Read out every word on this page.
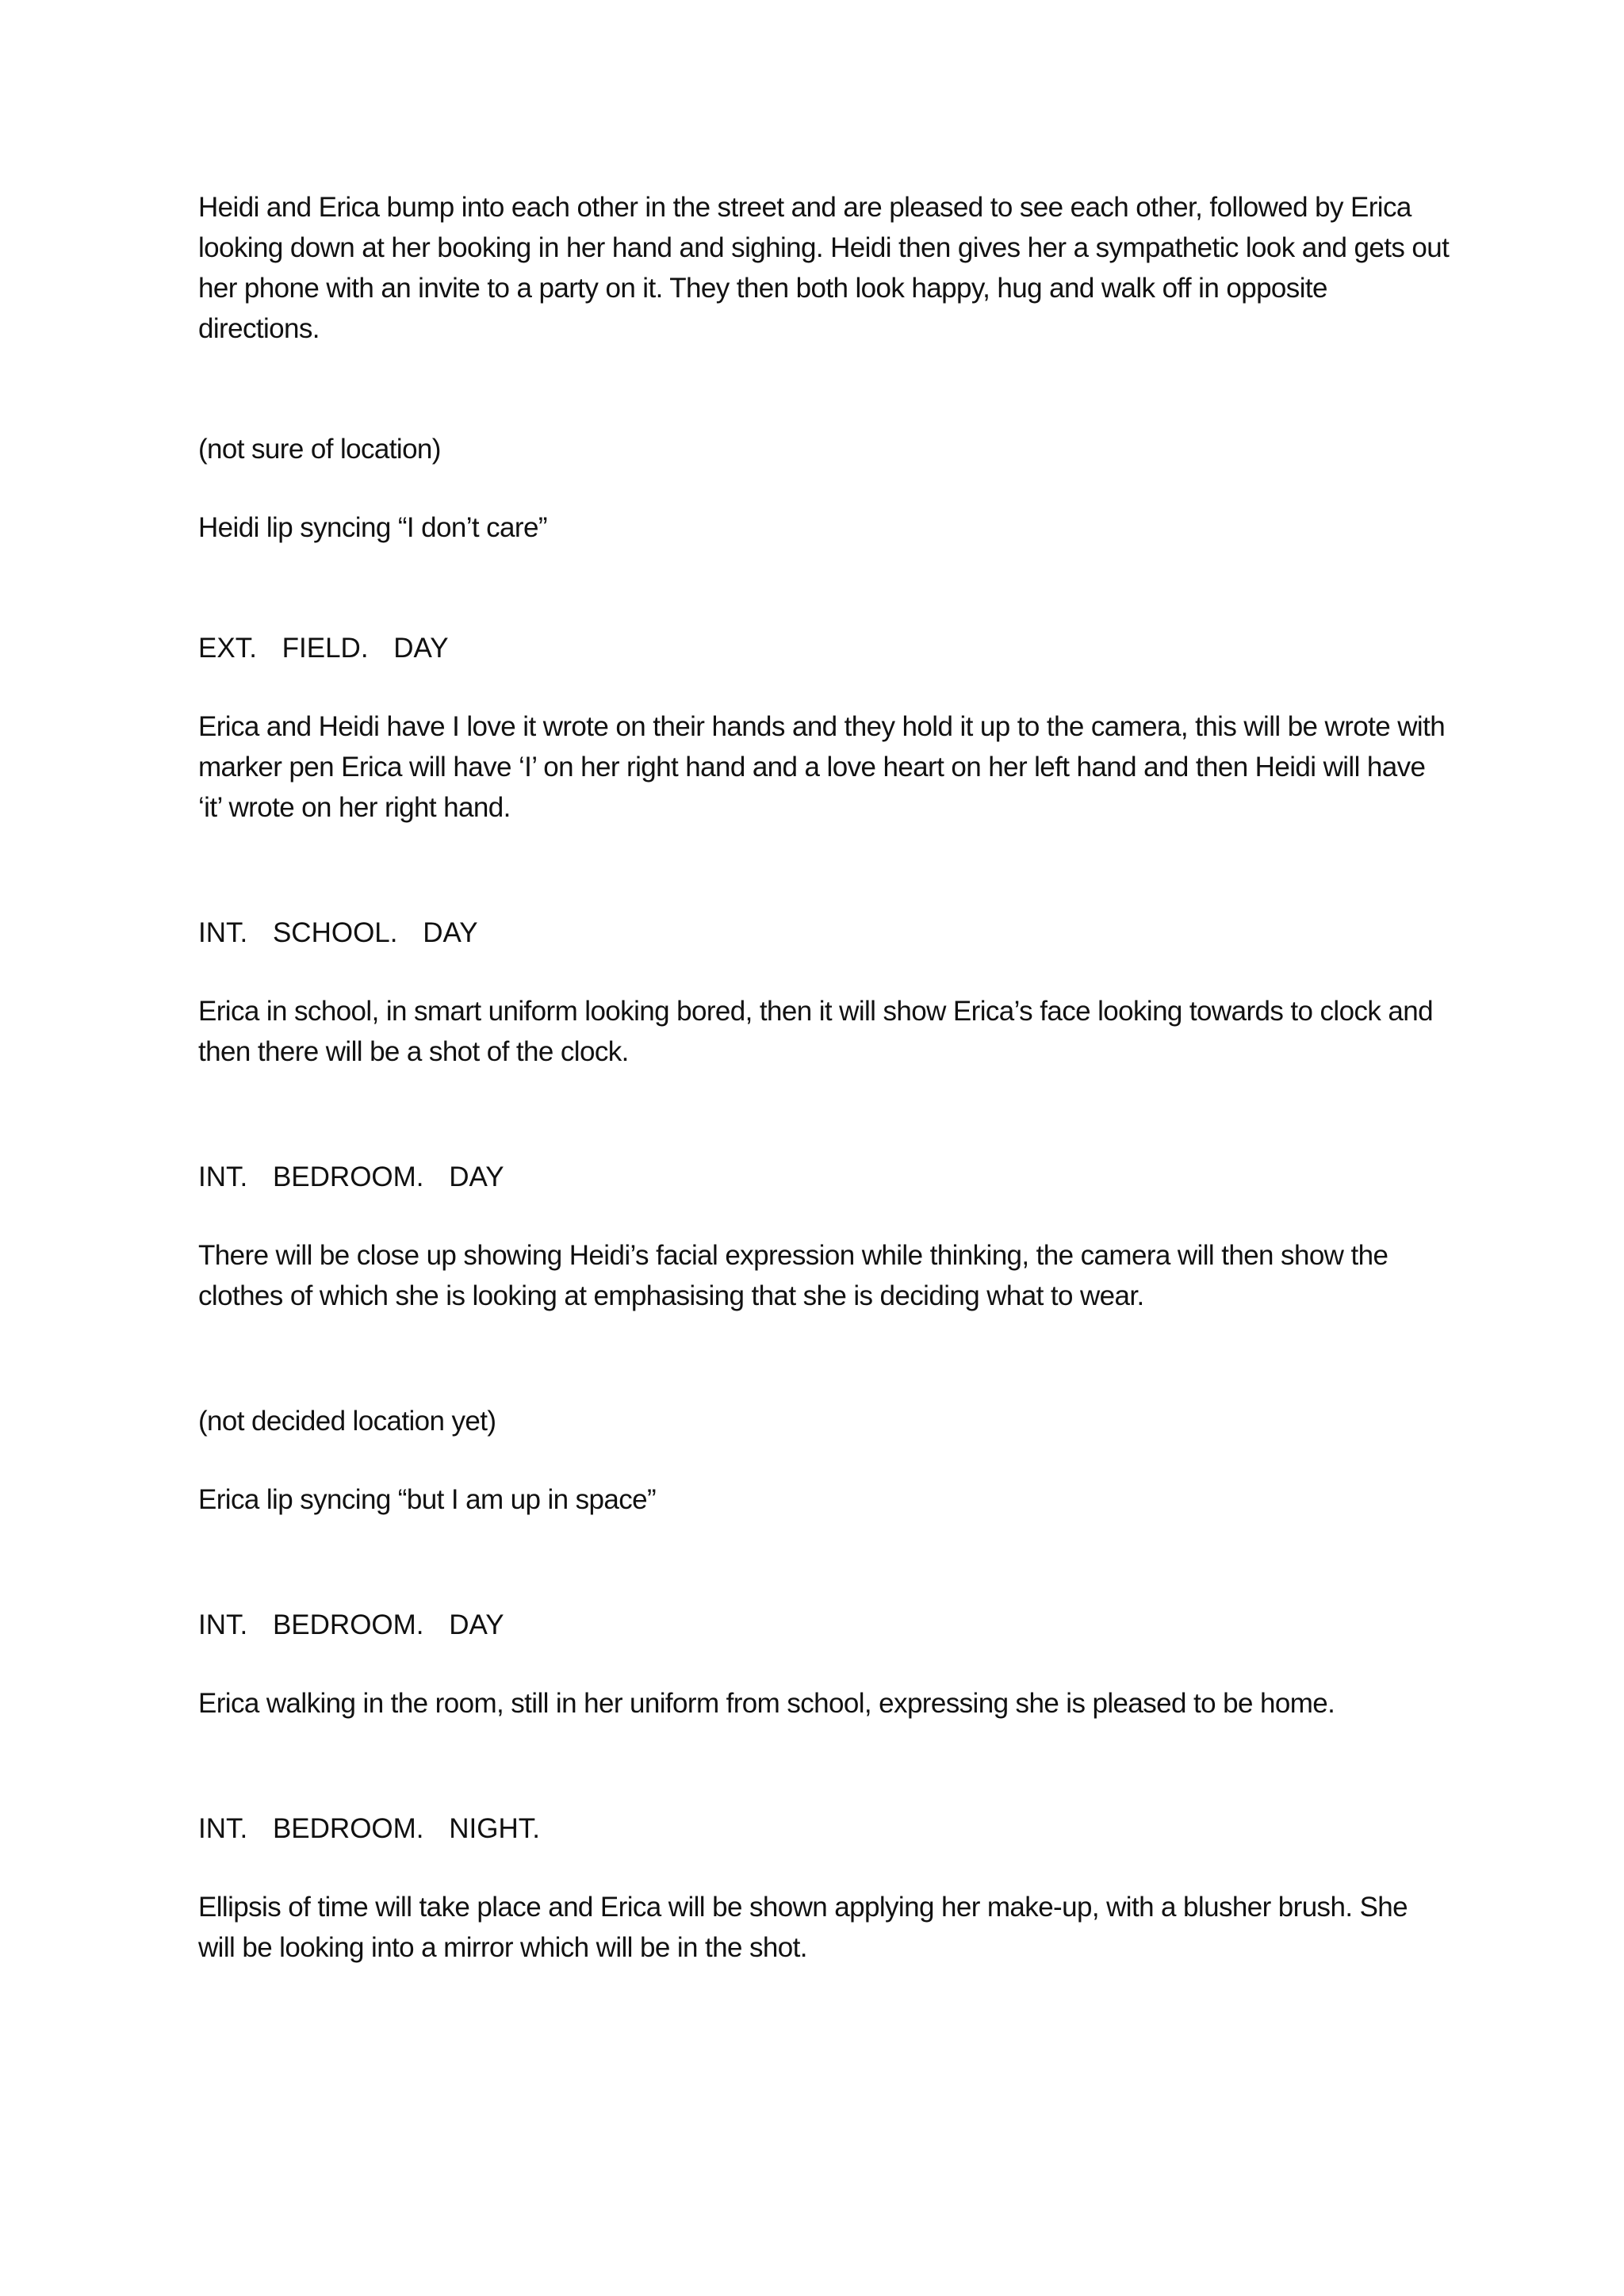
Heidi and Erica bump into each other in the street and are pleased to see each other, followed by Erica looking down at her booking in her hand and sighing. Heidi then gives her a sympathetic look and gets out her phone with an invite to a party on it. They then both look happy, hug and walk off in opposite directions.

(not sure of location)

Heidi lip syncing “I don’t care”

EXT. FIELD. DAY

Erica and Heidi have I love it wrote on their hands and they hold it up to the camera, this will be wrote with marker pen Erica will have ‘I’ on her right hand and a love heart on her left hand and then Heidi will have ‘it’ wrote on her right hand.

INT. SCHOOL. DAY

Erica in school, in smart uniform looking bored, then it will show Erica’s face looking towards to clock and then there will be a shot of the clock.

INT. BEDROOM. DAY

There will be close up showing Heidi’s facial expression while thinking, the camera will then show the clothes of which she is looking at emphasising that she is deciding what to wear.

(not decided location yet)

Erica lip syncing “but I am up in space”

INT. BEDROOM. DAY

Erica walking in the room, still in her uniform from school, expressing she is pleased to be home.

INT. BEDROOM. NIGHT.

Ellipsis of time will take place and Erica will be shown applying her make-up, with a blusher brush. She will be looking into a mirror which will be in the shot.
